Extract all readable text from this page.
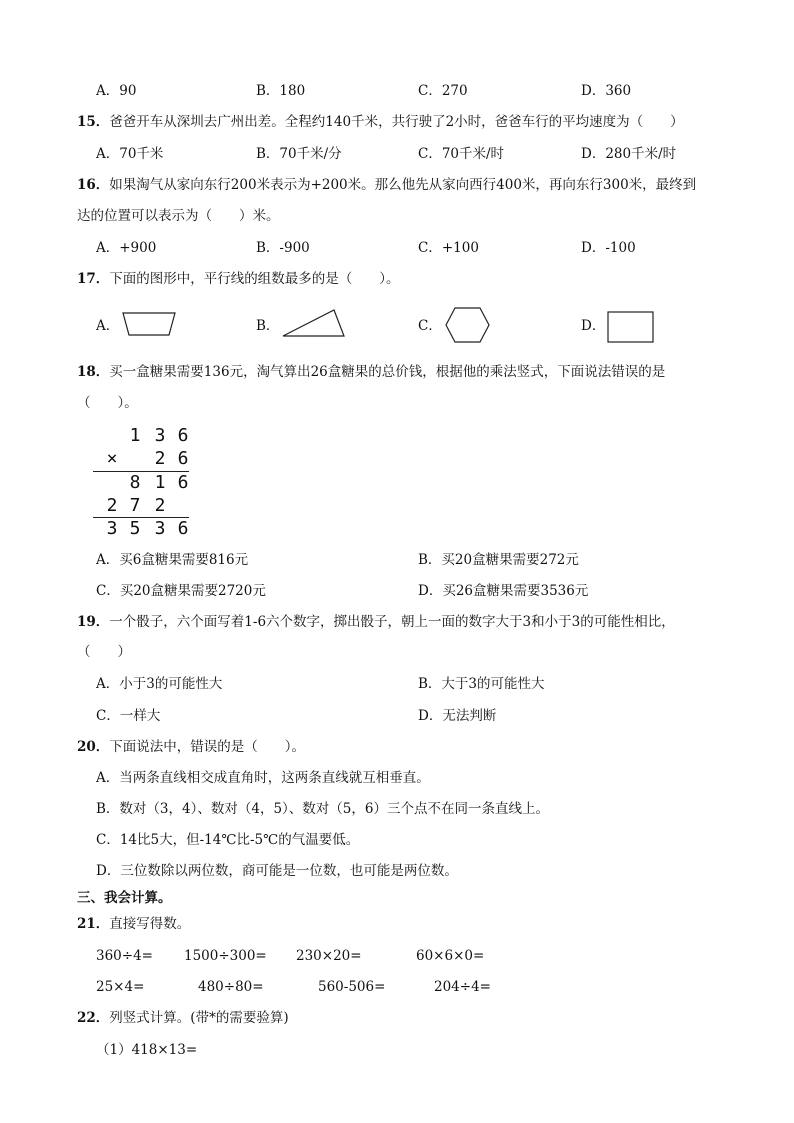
A．90	B．180	C．270	D．360
15．爸爸开车从深圳去广州出差。全程约140千米，共行驶了2小时，爸爸车行的平均速度为（　　）
A．70千米	B．70千米/分	C．70千米/时	D．280千米/时
16．如果淘气从家向东行200米表示为+200米。那么他先从家向西行400米，再向东行300米，最终到
达的位置可以表示为（　　）米。
A．+900	B．-900	C．+100	D．-100
17．下面的图形中，平行线的组数最多的是（　　）。
A．	B．	C．	D．
18．买一盒糖果需要136元，淘气算出26盒糖果的总价钱，根据他的乘法竖式，下面说法错误的是
（　　）。
1 3 6
× 2 6
8 1 6
2 7 2
3 5 3 6
A．买6盒糖果需要816元	B．买20盒糖果需要272元
C．买20盒糖果需要2720元	D．买26盒糖果需要3536元
19．一个骰子，六个面写着1-6六个数字，掷出骰子，朝上一面的数字大于3和小于3的可能性相比，
（　　）
A．小于3的可能性大	B．大于3的可能性大
C．一样大	D．无法判断
20．下面说法中，错误的是（　　）。
A．当两条直线相交成直角时，这两条直线就互相垂直。
B．数对（3，4）、数对（4，5）、数对（5，6）三个点不在同一条直线上。
C．14比5大，但-14℃比-5℃的气温要低。
D．三位数除以两位数，商可能是一位数，也可能是两位数。
三、我会计算。
21．直接写得数。
360÷4= 1500÷300= 230×20=	60×6×0=
25×4=	480÷80=	560-506=	204÷4=
22．列竖式计算。(带*的需要验算)
（1）418×13=
